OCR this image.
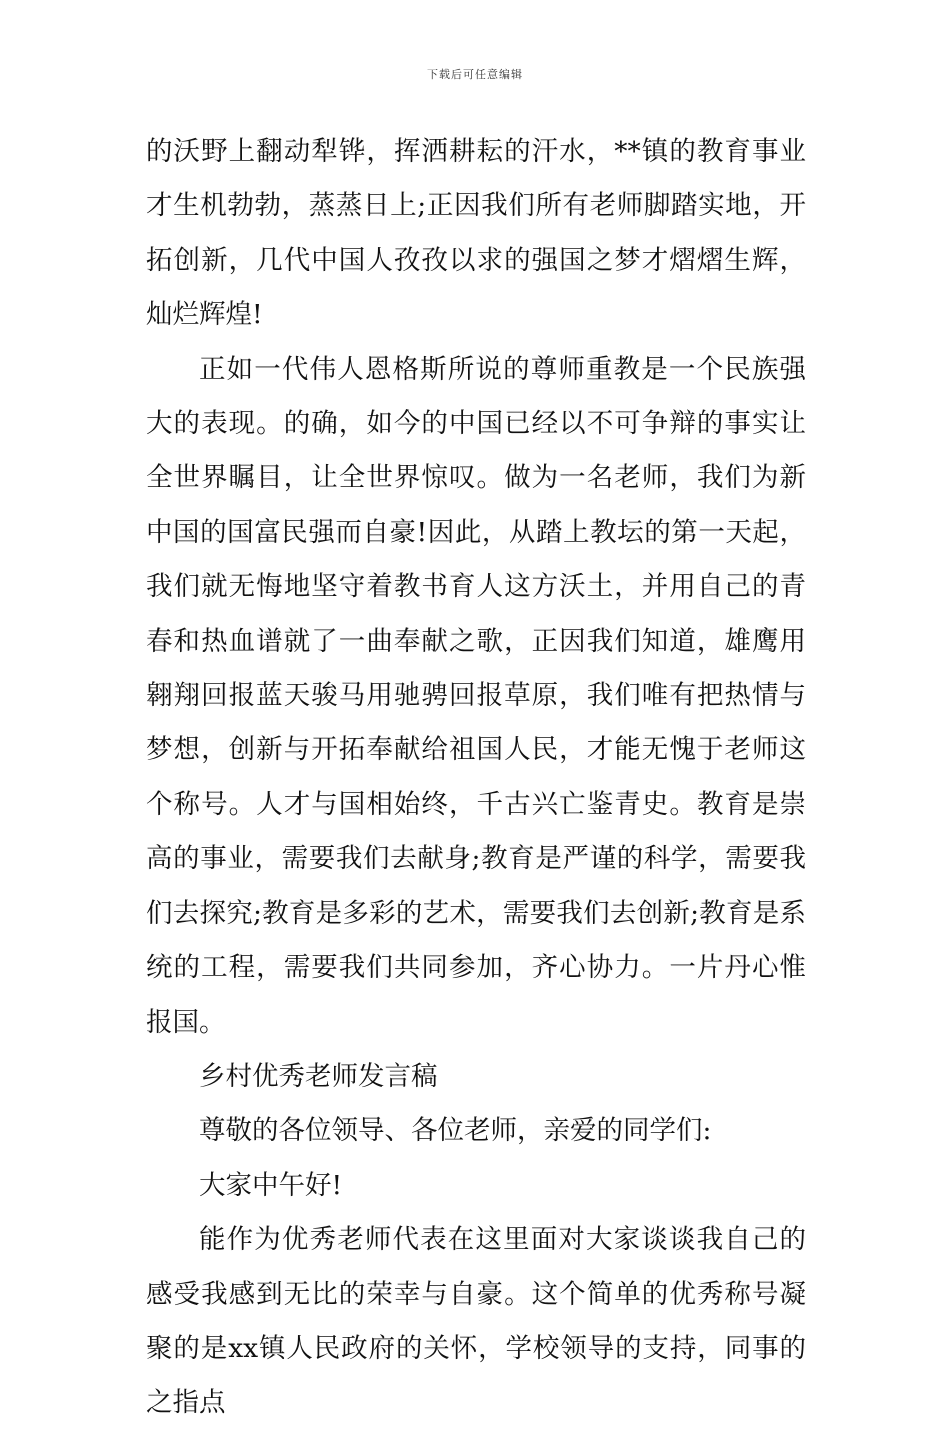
下载后可任意编辑

的沃野上翻动犁铧，挥洒耕耘的汗水，**镇的教育事业才生机勃勃，蒸蒸日上;正因我们所有老师脚踏实地，开拓创新，几代中国人孜孜以求的强国之梦才熠熠生辉，灿烂辉煌!

正如一代伟人恩格斯所说的尊师重教是一个民族强大的表现。的确，如今的中国已经以不可争辩的事实让全世界瞩目，让全世界惊叹。做为一名老师，我们为新中国的国富民强而自豪!因此，从踏上教坛的第一天起，我们就无悔地坚守着教书育人这方沃土，并用自己的青春和热血谱就了一曲奉献之歌，正因我们知道，雄鹰用翱翔回报蓝天骏马用驰骋回报草原，我们唯有把热情与梦想，创新与开拓奉献给祖国人民，才能无愧于老师这个称号。人才与国相始终，千古兴亡鉴青史。教育是崇高的事业，需要我们去献身;教育是严谨的科学，需要我们去探究;教育是多彩的艺术，需要我们去创新;教育是系统的工程，需要我们共同参加，齐心协力。一片丹心惟报国。

乡村优秀老师发言稿

尊敬的各位领导、各位老师，亲爱的同学们:

大家中午好!

能作为优秀老师代表在这里面对大家谈谈我自己的感受我感到无比的荣幸与自豪。这个简单的优秀称号凝聚的是xx镇人民政府的关怀，学校领导的支持，同事的之指点
